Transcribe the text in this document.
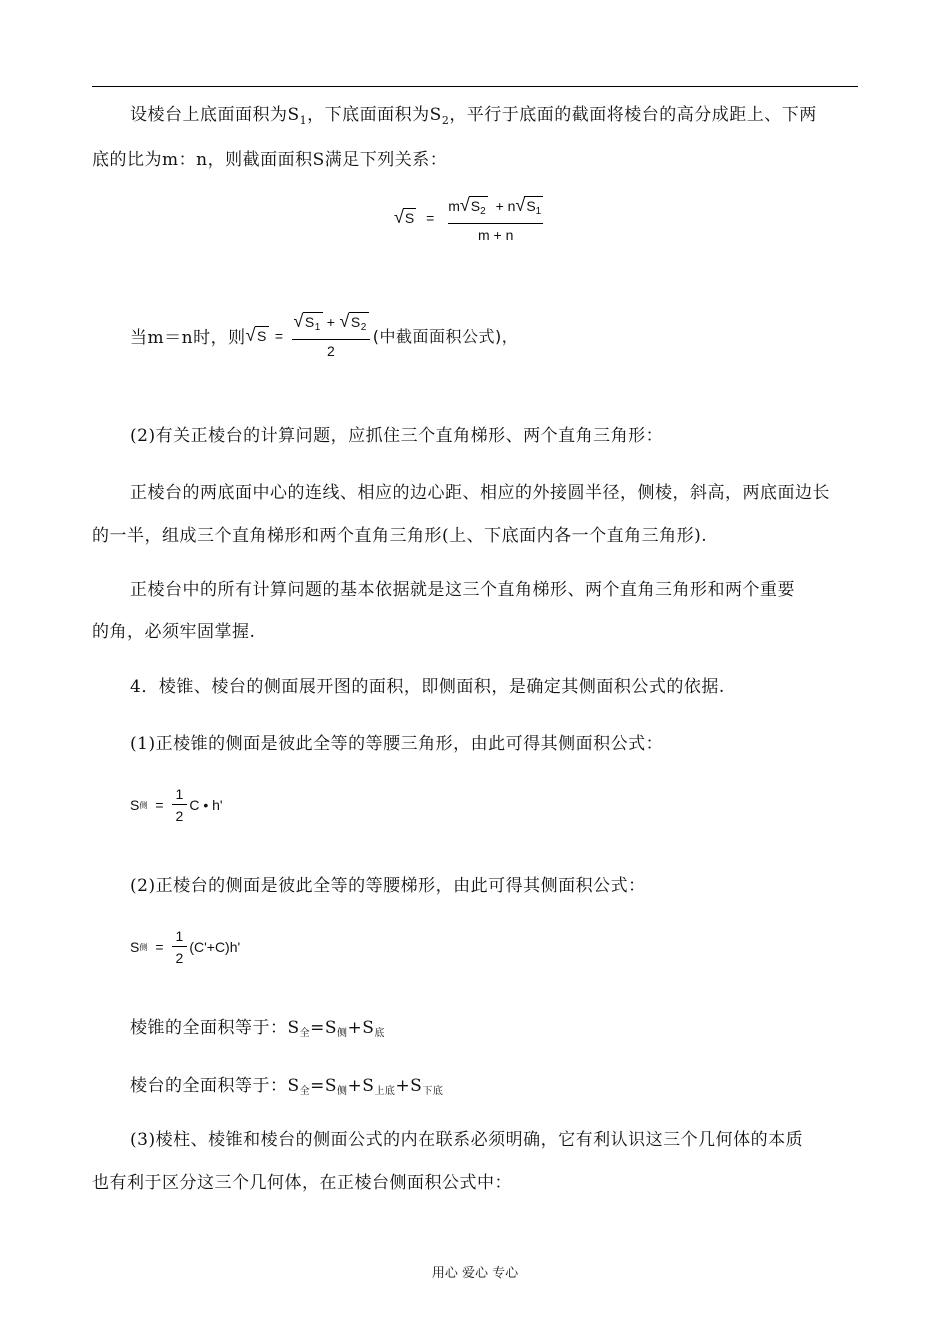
设棱台上底面面积为$S_1$，下底面面积为$S_2$，平行于底面的截面将棱台的高分成距上、下两
底的比为m：n，则截面面积S满足下列关系：
√ $S = \frac{m √ S_2 + n √ S_1}{m + n}$
当m＝n时，则 √ $S = \frac{√ S_1 + √ S_2}{2}$ (中截面面积公式)，
(2)有关正棱台的计算问题，应抓住三个直角梯形、两个直角三角形：
正棱台的两底面中心的连线、相应的边心距、相应的外接圆半径，侧棱，斜高，两底面边长
的一半，组成三个直角梯形和两个直角三角形(上、下底面内各一个直角三角形).
正棱台中的所有计算问题的基本依据就是这三个直角梯形、两个直角三角形和两个重要
的角，必须牢固掌握.
4．棱锥、棱台的侧面展开图的面积，即侧面积，是确定其侧面积公式的依据.
(1)正棱锥的侧面是彼此全等的等腰三角形，由此可得其侧面积公式：
S 侧 = $\frac{1}{2}$ C • h'
(2)正棱台的侧面是彼此全等的等腰梯形，由此可得其侧面积公式：
S 侧 = $\frac{1}{2} (C'+C)h'$
棱锥的全面积等于：S全=S侧+S底
棱台的全面积等于：S全=S侧+S上底+S下底
(3)棱柱、棱锥和棱台的侧面公式的内在联系必须明确，它有利认识这三个几何体的本质
也有利于区分这三个几何体，在正棱台侧面积公式中：
用心 爱心 专心
